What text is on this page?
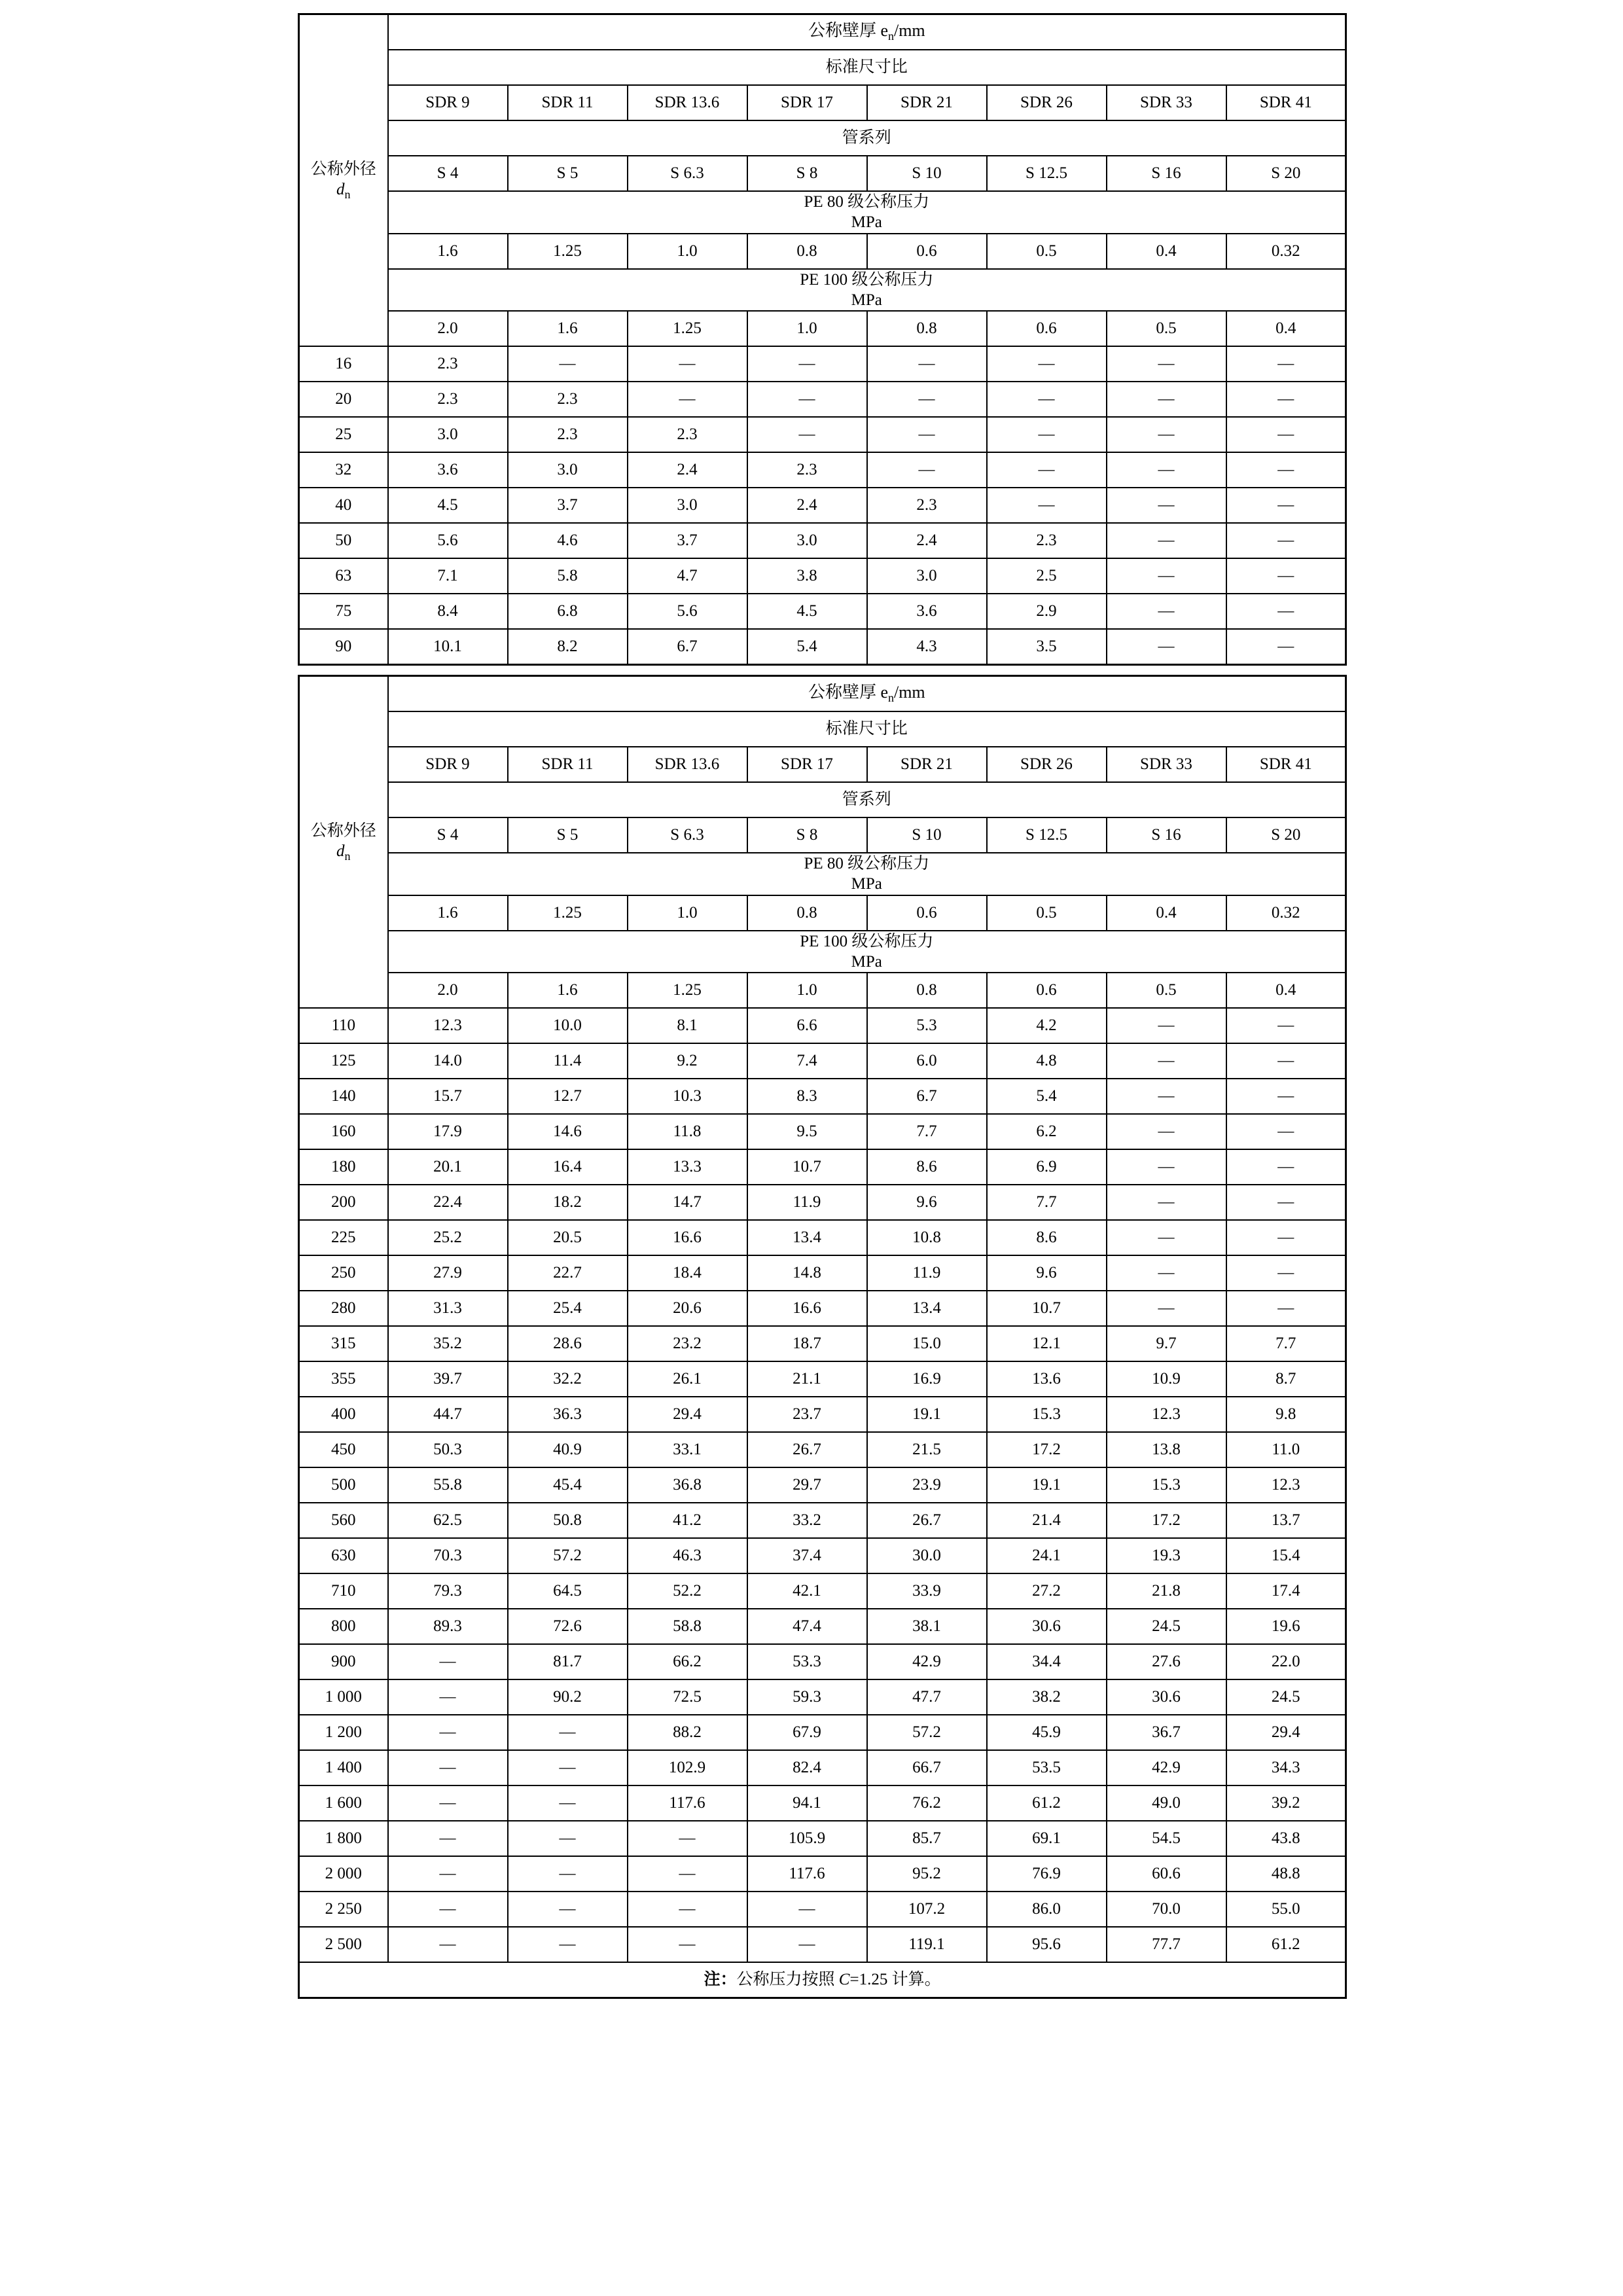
公称外径
$d_n$	公称壁厚 $e_n/mm$							
	标准尺寸比							
	SDR 9	SDR 11	SDR 13.6	SDR 17	SDR 21	SDR 26	SDR 33	SDR 41
	管系列							
	S 4	S 5	S 6.3	S 8	S 10	S 12.5	S 16	S 20

	PE 80 级公称压力
MPa							

	1.6	1.25	1.0	0.8	0.6	0.5	0.4	0.32

	PE 100 级公称压力
MPa							

	2.0	1.6	1.25	1.0	0.8	0.6	0.5	0.4
16	2.3	—	—	—	—	—	—	—
20	2.3	2.3	—	—	—	—	—	—
25	3.0	2.3	2.3	—	—	—	—	—
32	3.6	3.0	2.4	2.3	—	—	—	—
40	4.5	3.7	3.0	2.4	2.3	—	—	—
50	5.6	4.6	3.7	3.0	2.4	2.3	—	—
63	7.1	5.8	4.7	3.8	3.0	2.5	—	—
75	8.4	6.8	5.6	4.5	3.6	2.9	—	—
90	10.1	8.2	6.7	5.4	4.3	3.5	—	—
公称外径
$d_n$	公称壁厚 $e_n/mm$							
	标准尺寸比							
	SDR 9	SDR 11	SDR 13.6	SDR 17	SDR 21	SDR 26	SDR 33	SDR 41
	管系列							
	S 4	S 5	S 6.3	S 8	S 10	S 12.5	S 16	S 20

	PE 80 级公称压力
MPa							

	1.6	1.25	1.0	0.8	0.6	0.5	0.4	0.32

	PE 100 级公称压力
MPa							

	2.0	1.6	1.25	1.0	0.8	0.6	0.5	0.4
110	12.3	10.0	8.1	6.6	5.3	4.2	—	—
125	14.0	11.4	9.2	7.4	6.0	4.8	—	—
140	15.7	12.7	10.3	8.3	6.7	5.4	—	—
160	17.9	14.6	11.8	9.5	7.7	6.2	—	—
180	20.1	16.4	13.3	10.7	8.6	6.9	—	—
200	22.4	18.2	14.7	11.9	9.6	7.7	—	—
225	25.2	20.5	16.6	13.4	10.8	8.6	—	—
250	27.9	22.7	18.4	14.8	11.9	9.6	—	—
280	31.3	25.4	20.6	16.6	13.4	10.7	—	—
315	35.2	28.6	23.2	18.7	15.0	12.1	9.7	7.7
355	39.7	32.2	26.1	21.1	16.9	13.6	10.9	8.7
400	44.7	36.3	29.4	23.7	19.1	15.3	12.3	9.8
450	50.3	40.9	33.1	26.7	21.5	17.2	13.8	11.0
500	55.8	45.4	36.8	29.7	23.9	19.1	15.3	12.3
560	62.5	50.8	41.2	33.2	26.7	21.4	17.2	13.7
630	70.3	57.2	46.3	37.4	30.0	24.1	19.3	15.4
710	79.3	64.5	52.2	42.1	33.9	27.2	21.8	17.4
800	89.3	72.6	58.8	47.4	38.1	30.6	24.5	19.6
900	—	81.7	66.2	53.3	42.9	34.4	27.6	22.0
1 000	—	90.2	72.5	59.3	47.7	38.2	30.6	24.5
1 200	—	—	88.2	67.9	57.2	45.9	36.7	29.4
1 400	—	—	102.9	82.4	66.7	53.5	42.9	34.3
1 600	—	—	117.6	94.1	76.2	61.2	49.0	39.2
1 800	—	—	—	105.9	85.7	69.1	54.5	43.8
2 000	—	—	—	117.6	95.2	76.9	60.6	48.8
2 250	—	—	—	—	107.2	86.0	70.0	55.0
2 500	—	—	—	—	119.1	95.6	77.7	61.2
注：公称压力按照 C=1.25 计算。								
